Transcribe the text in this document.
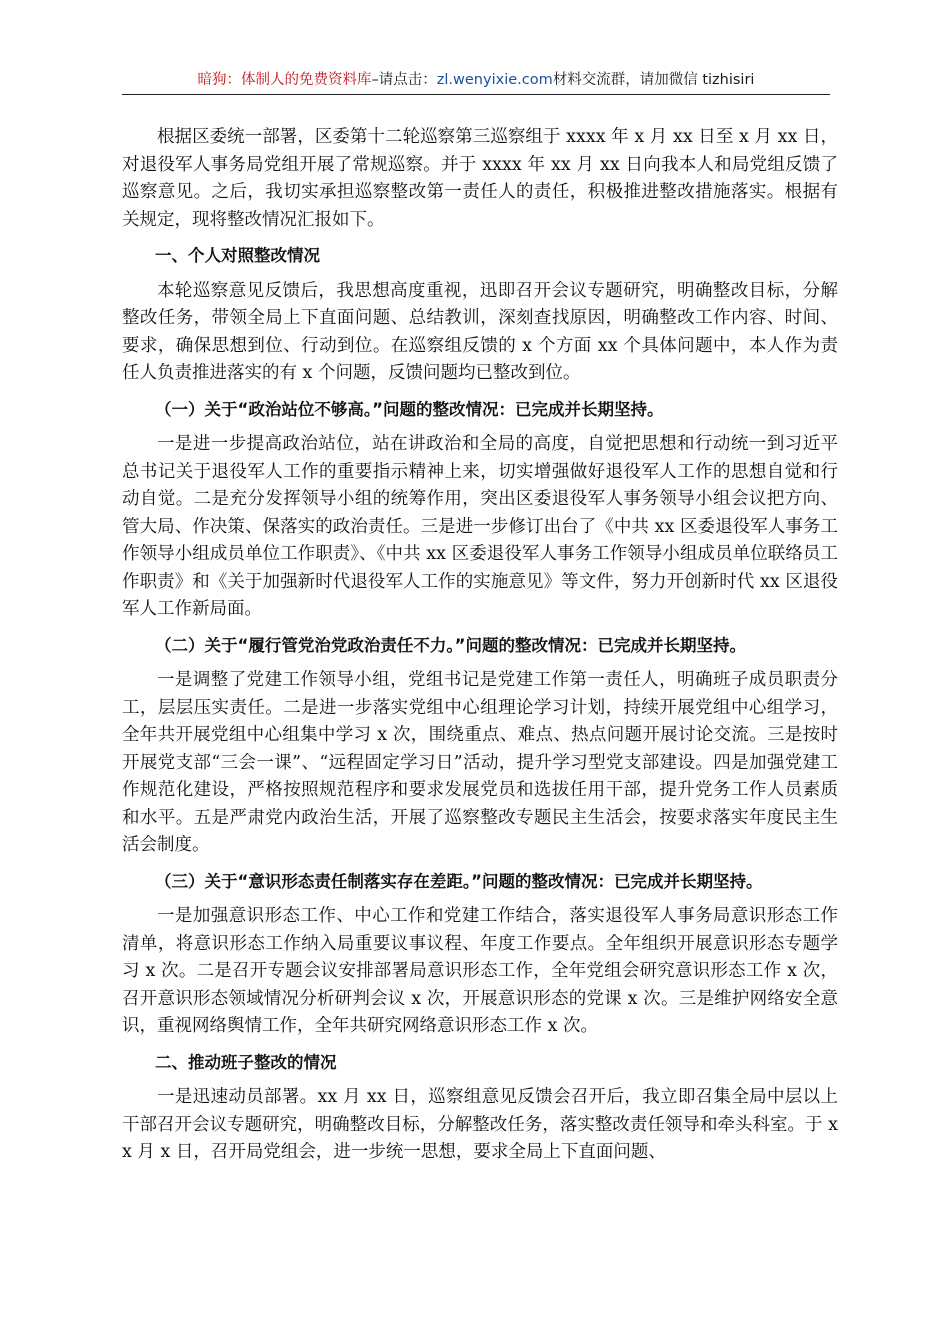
暗狗：体制人的免费资料库–请点击：zl.wenyixie.com材料交流群，请加微信 tizhisiri

根据区委统一部署，区委第十二轮巡察第三巡察组于 xxxx 年 x 月 xx 日至 x 月 xx 日，对退役军人事务局党组开展了常规巡察。并于 xxxx 年 xx 月 xx 日向我本人和局党组反馈了巡察意见。之后，我切实承担巡察整改第一责任人的责任，积极推进整改措施落实。根据有关规定，现将整改情况汇报如下。

一、个人对照整改情况

本轮巡察意见反馈后，我思想高度重视，迅即召开会议专题研究，明确整改目标，分解整改任务，带领全局上下直面问题、总结教训，深刻查找原因，明确整改工作内容、时间、要求，确保思想到位、行动到位。在巡察组反馈的 x 个方面 xx 个具体问题中，本人作为责任人负责推进落实的有 x 个问题，反馈问题均已整改到位。

（一）关于“政治站位不够高。”问题的整改情况：已完成并长期坚持。

一是进一步提高政治站位，站在讲政治和全局的高度，自觉把思想和行动统一到习近平总书记关于退役军人工作的重要指示精神上来，切实增强做好退役军人工作的思想自觉和行动自觉。二是充分发挥领导小组的统筹作用，突出区委退役军人事务领导小组会议把方向、管大局、作决策、保落实的政治责任。三是进一步修订出台了《中共 xx 区委退役军人事务工作领导小组成员单位工作职责》、《中共 xx 区委退役军人事务工作领导小组成员单位联络员工作职责》和《关于加强新时代退役军人工作的实施意见》等文件，努力开创新时代 xx 区退役军人工作新局面。

（二）关于“履行管党治党政治责任不力。”问题的整改情况：已完成并长期坚持。

一是调整了党建工作领导小组，党组书记是党建工作第一责任人，明确班子成员职责分工，层层压实责任。二是进一步落实党组中心组理论学习计划，持续开展党组中心组学习，全年共开展党组中心组集中学习 x 次，围绕重点、难点、热点问题开展讨论交流。三是按时开展党支部“三会一课”、“远程固定学习日”活动，提升学习型党支部建设。四是加强党建工作规范化建设，严格按照规范程序和要求发展党员和选拔任用干部，提升党务工作人员素质和水平。五是严肃党内政治生活，开展了巡察整改专题民主生活会，按要求落实年度民主生活会制度。

（三）关于“意识形态责任制落实存在差距。”问题的整改情况：已完成并长期坚持。

一是加强意识形态工作、中心工作和党建工作结合，落实退役军人事务局意识形态工作清单，将意识形态工作纳入局重要议事议程、年度工作要点。全年组织开展意识形态专题学习 x 次。二是召开专题会议安排部署局意识形态工作，全年党组会研究意识形态工作 x 次，召开意识形态领域情况分析研判会议 x 次，开展意识形态的党课 x 次。三是维护网络安全意识，重视网络舆情工作，全年共研究网络意识形态工作 x 次。

二、推动班子整改的情况

一是迅速动员部署。xx 月 xx 日，巡察组意见反馈会召开后，我立即召集全局中层以上干部召开会议专题研究，明确整改目标，分解整改任务，落实整改责任领导和牵头科室。于 xx 月 x 日，召开局党组会，进一步统一思想，要求全局上下直面问题、
